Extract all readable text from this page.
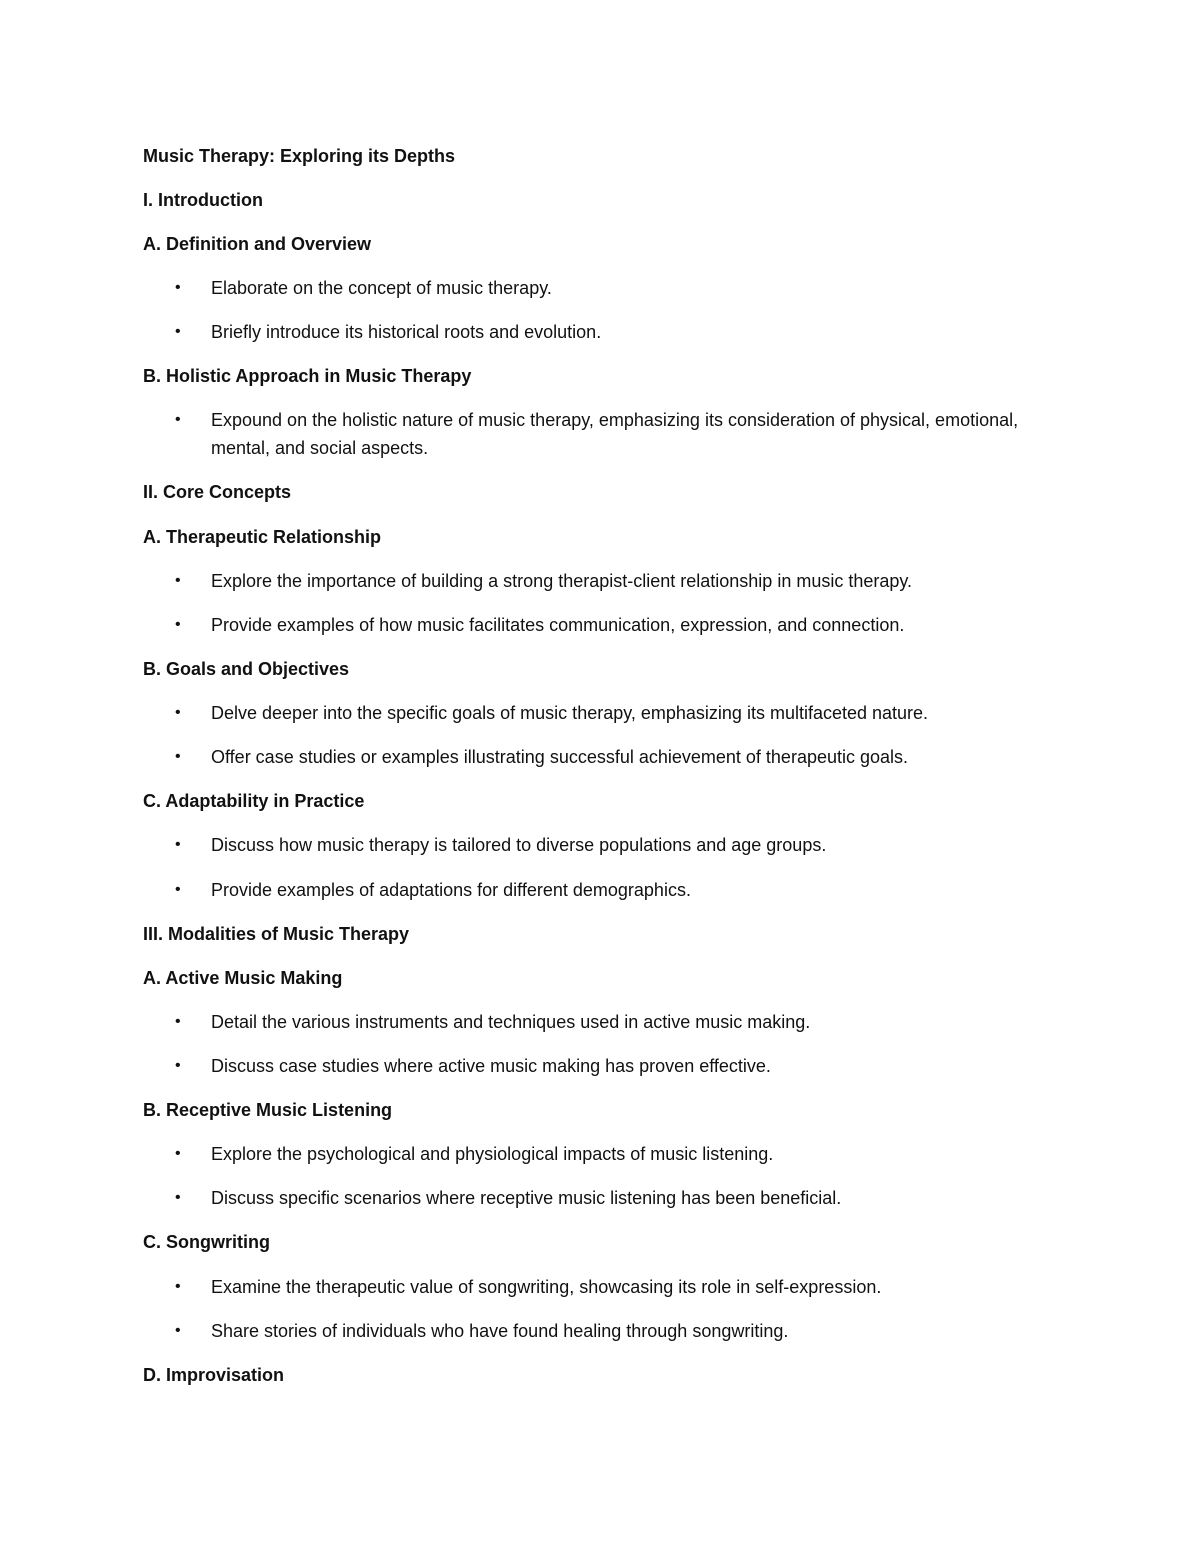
Music Therapy: Exploring its Depths
I. Introduction
A. Definition and Overview
•	Elaborate on the concept of music therapy.
•	Briefly introduce its historical roots and evolution.
B. Holistic Approach in Music Therapy
•	Expound on the holistic nature of music therapy, emphasizing its consideration of physical, emotional, mental, and social aspects.
II. Core Concepts
A. Therapeutic Relationship
•	Explore the importance of building a strong therapist-client relationship in music therapy.
•	Provide examples of how music facilitates communication, expression, and connection.
B. Goals and Objectives
•	Delve deeper into the specific goals of music therapy, emphasizing its multifaceted nature.
•	Offer case studies or examples illustrating successful achievement of therapeutic goals.
C. Adaptability in Practice
•	Discuss how music therapy is tailored to diverse populations and age groups.
•	Provide examples of adaptations for different demographics.
III. Modalities of Music Therapy
A. Active Music Making
•	Detail the various instruments and techniques used in active music making.
•	Discuss case studies where active music making has proven effective.
B. Receptive Music Listening
•	Explore the psychological and physiological impacts of music listening.
•	Discuss specific scenarios where receptive music listening has been beneficial.
C. Songwriting
•	Examine the therapeutic value of songwriting, showcasing its role in self-expression.
•	Share stories of individuals who have found healing through songwriting.
D. Improvisation
